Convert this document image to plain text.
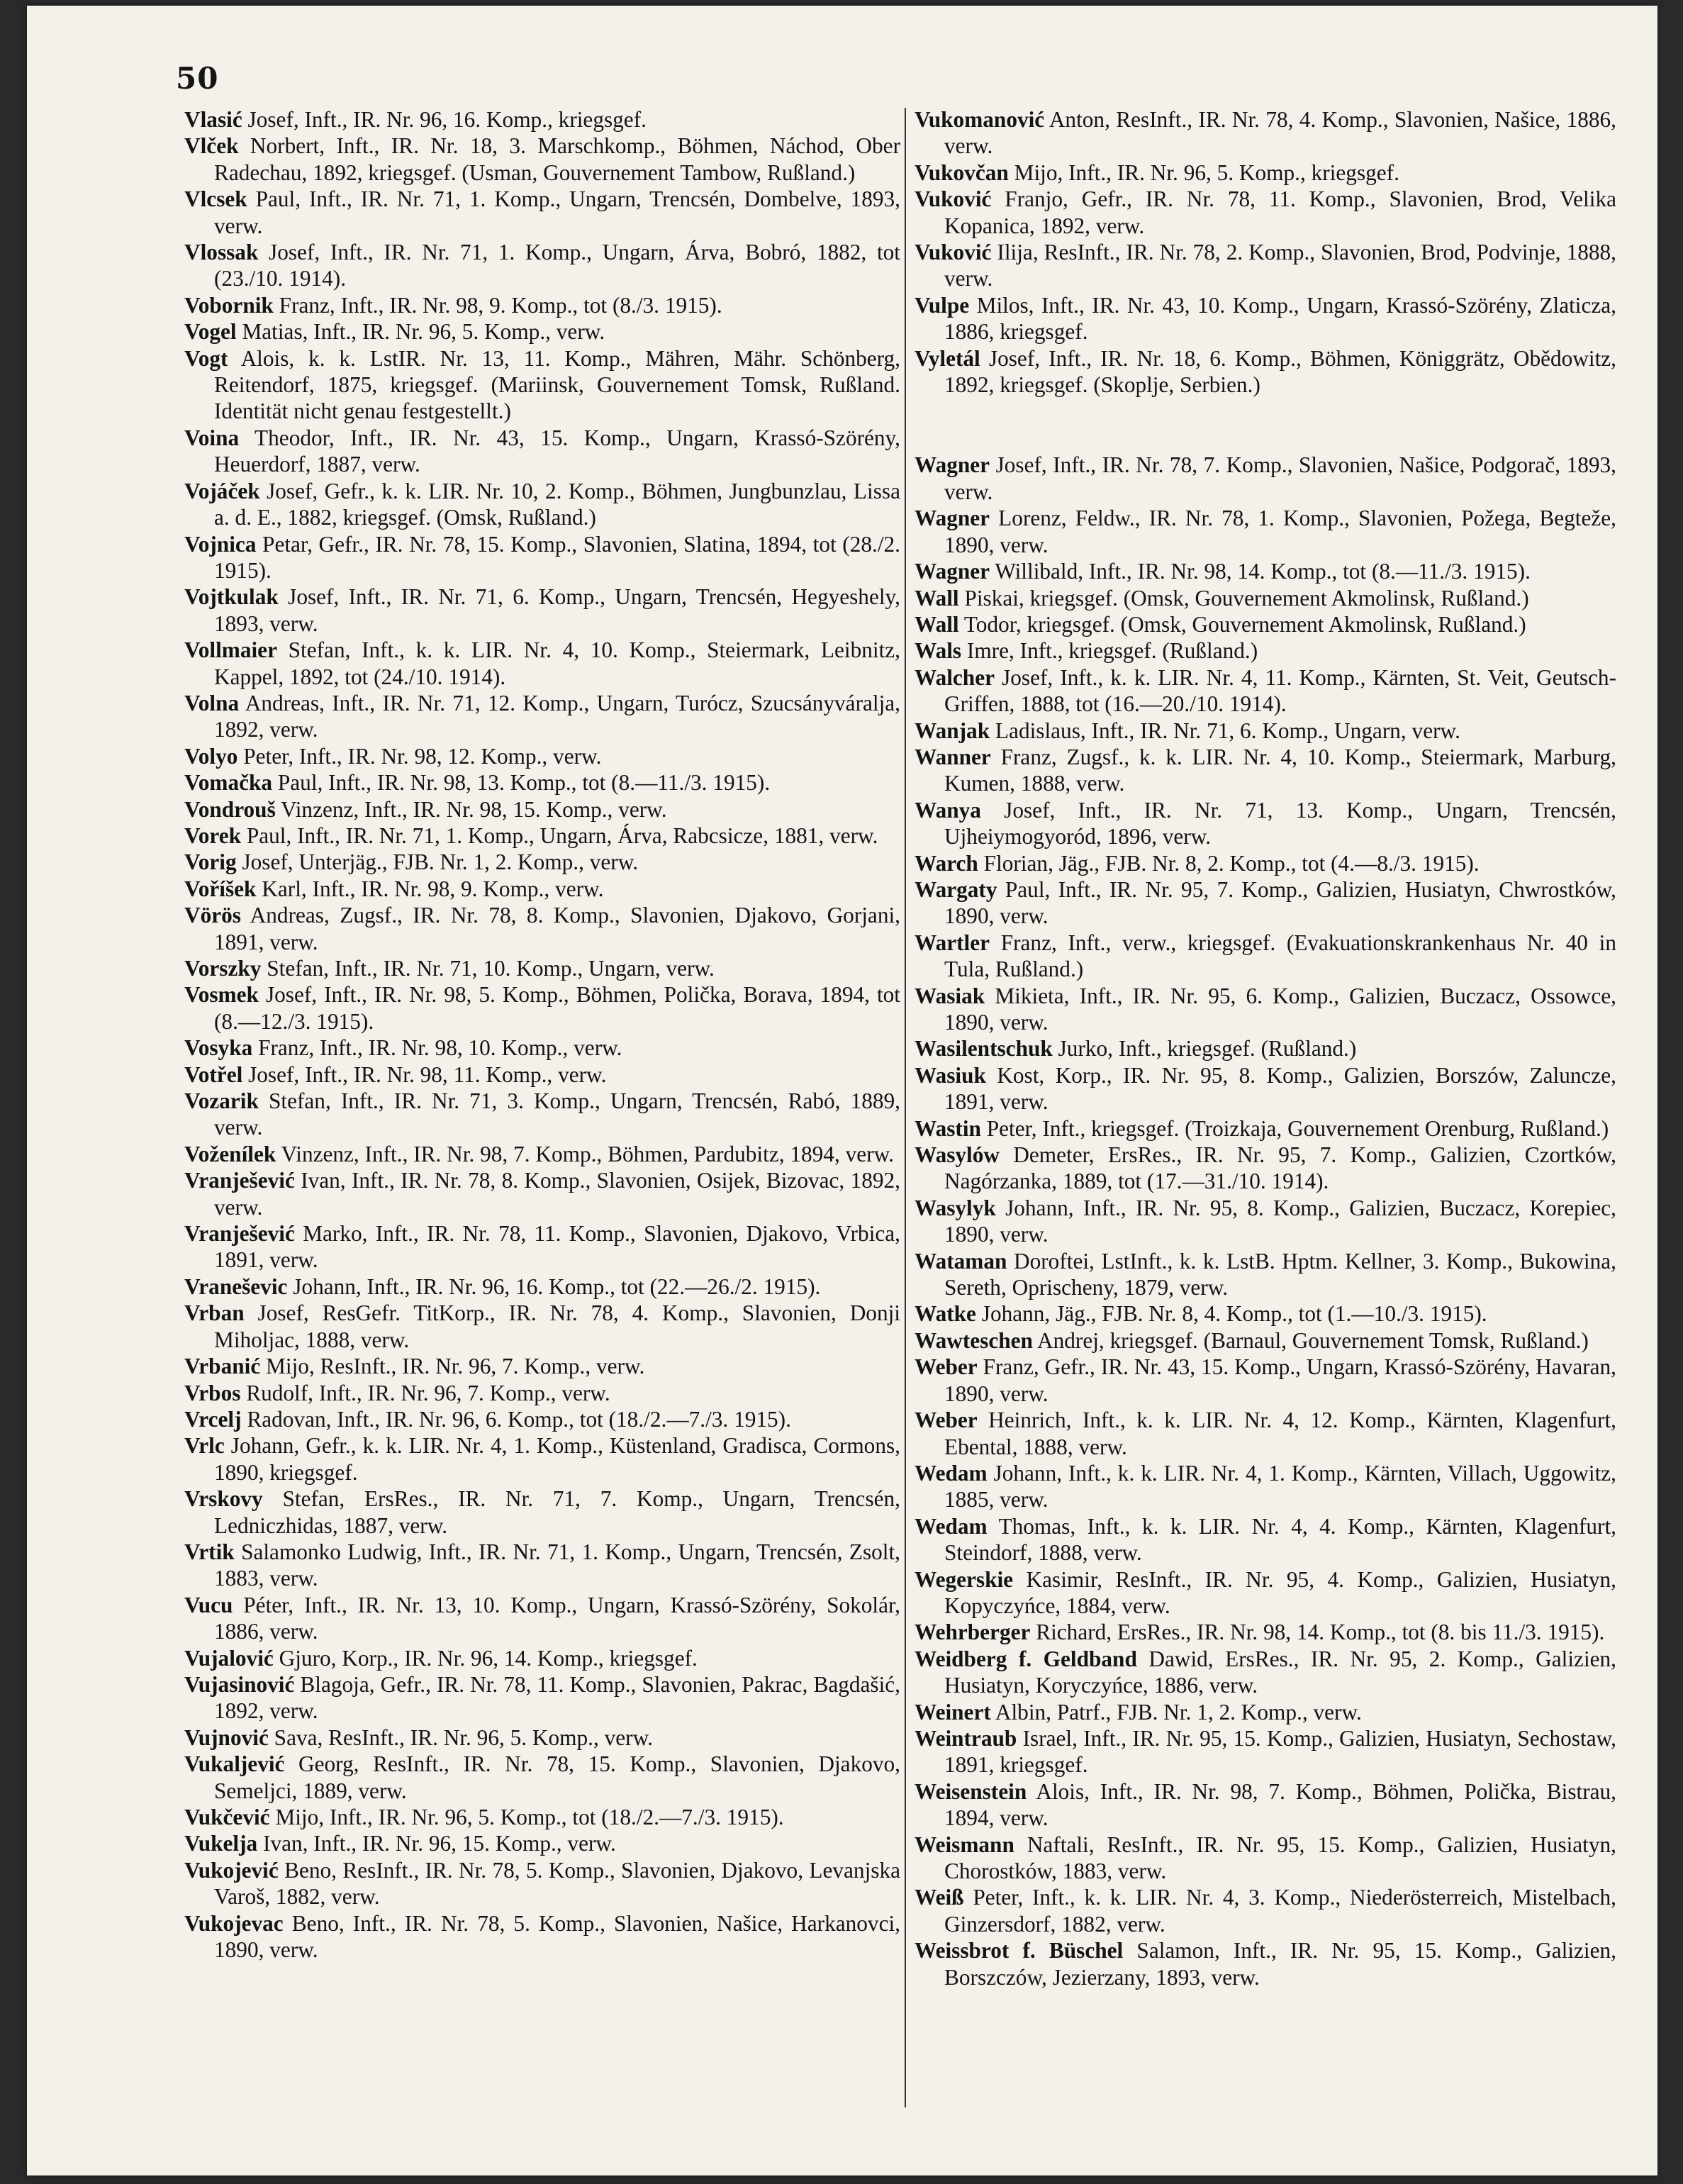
50

Vlasić Josef, Inft., IR. Nr. 96, 16. Komp., kriegsgef.

Vlček Norbert, Inft., IR. Nr. 18, 3. Marschkomp., Böhmen, Náchod, Ober Radechau, 1892, kriegsgef. (Usman, Gouvernement Tambow, Rußland.)

Vlcsek Paul, Inft., IR. Nr. 71, 1. Komp., Ungarn, Trencsén, Dombelve, 1893, verw.

Vlossak Josef, Inft., IR. Nr. 71, 1. Komp., Ungarn, Árva, Bobró, 1882, tot (23./10. 1914).

Vobornik Franz, Inft., IR. Nr. 98, 9. Komp., tot (8./3. 1915).

Vogel Matias, Inft., IR. Nr. 96, 5. Komp., verw.

Vogt Alois, k. k. LstIR. Nr. 13, 11. Komp., Mähren, Mähr. Schönberg, Reitendorf, 1875, kriegsgef. (Mariinsk, Gouvernement Tomsk, Rußland. Identität nicht genau festgestellt.)

Voina Theodor, Inft., IR. Nr. 43, 15. Komp., Ungarn, Krassó-Szörény, Heuerdorf, 1887, verw.

Vojáček Josef, Gefr., k. k. LIR. Nr. 10, 2. Komp., Böhmen, Jungbunzlau, Lissa a. d. E., 1882, kriegsgef. (Omsk, Rußland.)

Vojnica Petar, Gefr., IR. Nr. 78, 15. Komp., Slavonien, Slatina, 1894, tot (28./2. 1915).

Vojtkulak Josef, Inft., IR. Nr. 71, 6. Komp., Ungarn, Trencsén, Hegyeshely, 1893, verw.

Vollmaier Stefan, Inft., k. k. LIR. Nr. 4, 10. Komp., Steiermark, Leibnitz, Kappel, 1892, tot (24./10. 1914).

Volna Andreas, Inft., IR. Nr. 71, 12. Komp., Ungarn, Turócz, Szucsányváralja, 1892, verw.

Volyo Peter, Inft., IR. Nr. 98, 12. Komp., verw.

Vomačka Paul, Inft., IR. Nr. 98, 13. Komp., tot (8.—11./3. 1915).

Vondrouš Vinzenz, Inft., IR. Nr. 98, 15. Komp., verw.

Vorek Paul, Inft., IR. Nr. 71, 1. Komp., Ungarn, Árva, Rabcsicze, 1881, verw.

Vorig Josef, Unterjäg., FJB. Nr. 1, 2. Komp., verw.

Voříšek Karl, Inft., IR. Nr. 98, 9. Komp., verw.

Vörös Andreas, Zugsf., IR. Nr. 78, 8. Komp., Slavonien, Djakovo, Gorjani, 1891, verw.

Vorszky Stefan, Inft., IR. Nr. 71, 10. Komp., Ungarn, verw.

Vosmek Josef, Inft., IR. Nr. 98, 5. Komp., Böhmen, Polička, Borava, 1894, tot (8.—12./3. 1915).

Vosyka Franz, Inft., IR. Nr. 98, 10. Komp., verw.

Votřel Josef, Inft., IR. Nr. 98, 11. Komp., verw.

Vozarik Stefan, Inft., IR. Nr. 71, 3. Komp., Ungarn, Trencsén, Rabó, 1889, verw.

Voženílek Vinzenz, Inft., IR. Nr. 98, 7. Komp., Böhmen, Pardubitz, 1894, verw.

Vranješević Ivan, Inft., IR. Nr. 78, 8. Komp., Slavonien, Osijek, Bizovac, 1892, verw.

Vranješević Marko, Inft., IR. Nr. 78, 11. Komp., Slavonien, Djakovo, Vrbica, 1891, verw.

Vraneševic Johann, Inft., IR. Nr. 96, 16. Komp., tot (22.—26./2. 1915).

Vrban Josef, ResGefr. TitKorp., IR. Nr. 78, 4. Komp., Slavonien, Donji Miholjac, 1888, verw.

Vrbanić Mijo, ResInft., IR. Nr. 96, 7. Komp., verw.

Vrbos Rudolf, Inft., IR. Nr. 96, 7. Komp., verw.

Vrcelj Radovan, Inft., IR. Nr. 96, 6. Komp., tot (18./2.—7./3. 1915).

Vrlc Johann, Gefr., k. k. LIR. Nr. 4, 1. Komp., Küstenland, Gradisca, Cormons, 1890, kriegsgef.

Vrskovy Stefan, ErsRes., IR. Nr. 71, 7. Komp., Ungarn, Trencsén, Ledniczhidas, 1887, verw.

Vrtik Salamonko Ludwig, Inft., IR. Nr. 71, 1. Komp., Ungarn, Trencsén, Zsolt, 1883, verw.

Vucu Péter, Inft., IR. Nr. 13, 10. Komp., Ungarn, Krassó-Szörény, Sokolár, 1886, verw.

Vujalović Gjuro, Korp., IR. Nr. 96, 14. Komp., kriegsgef.

Vujasinović Blagoja, Gefr., IR. Nr. 78, 11. Komp., Slavonien, Pakrac, Bagdašić, 1892, verw.

Vujnović Sava, ResInft., IR. Nr. 96, 5. Komp., verw.

Vukaljević Georg, ResInft., IR. Nr. 78, 15. Komp., Slavonien, Djakovo, Semeljci, 1889, verw.

Vukčević Mijo, Inft., IR. Nr. 96, 5. Komp., tot (18./2.—7./3. 1915).

Vukelja Ivan, Inft., IR. Nr. 96, 15. Komp., verw.

Vukojević Beno, ResInft., IR. Nr. 78, 5. Komp., Slavonien, Djakovo, Levanjska Varoš, 1882, verw.

Vukojevac Beno, Inft., IR. Nr. 78, 5. Komp., Slavonien, Našice, Harkanovci, 1890, verw.

Vukomanović Anton, ResInft., IR. Nr. 78, 4. Komp., Slavonien, Našice, 1886, verw.

Vukovčan Mijo, Inft., IR. Nr. 96, 5. Komp., kriegsgef.

Vuković Franjo, Gefr., IR. Nr. 78, 11. Komp., Slavonien, Brod, Velika Kopanica, 1892, verw.

Vuković Ilija, ResInft., IR. Nr. 78, 2. Komp., Slavonien, Brod, Podvinje, 1888, verw.

Vulpe Milos, Inft., IR. Nr. 43, 10. Komp., Ungarn, Krassó-Szörény, Zlaticza, 1886, kriegsgef.

Vyletál Josef, Inft., IR. Nr. 18, 6. Komp., Böhmen, Königgrätz, Obědowitz, 1892, kriegsgef. (Skoplje, Serbien.)

Wagner Josef, Inft., IR. Nr. 78, 7. Komp., Slavonien, Našice, Podgorač, 1893, verw.

Wagner Lorenz, Feldw., IR. Nr. 78, 1. Komp., Slavonien, Požega, Begteže, 1890, verw.

Wagner Willibald, Inft., IR. Nr. 98, 14. Komp., tot (8.—11./3. 1915).

Wall Piskai, kriegsgef. (Omsk, Gouvernement Akmolinsk, Rußland.)

Wall Todor, kriegsgef. (Omsk, Gouvernement Akmolinsk, Rußland.)

Wals Imre, Inft., kriegsgef. (Rußland.)

Walcher Josef, Inft., k. k. LIR. Nr. 4, 11. Komp., Kärnten, St. Veit, Geutsch-Griffen, 1888, tot (16.—20./10. 1914).

Wanjak Ladislaus, Inft., IR. Nr. 71, 6. Komp., Ungarn, verw.

Wanner Franz, Zugsf., k. k. LIR. Nr. 4, 10. Komp., Steiermark, Marburg, Kumen, 1888, verw.

Wanya Josef, Inft., IR. Nr. 71, 13. Komp., Ungarn, Trencsén, Ujheiymogyoród, 1896, verw.

Warch Florian, Jäg., FJB. Nr. 8, 2. Komp., tot (4.—8./3. 1915).

Wargaty Paul, Inft., IR. Nr. 95, 7. Komp., Galizien, Husiatyn, Chwrostków, 1890, verw.

Wartler Franz, Inft., verw., kriegsgef. (Evakuationskrankenhaus Nr. 40 in Tula, Rußland.)

Wasiak Mikieta, Inft., IR. Nr. 95, 6. Komp., Galizien, Buczacz, Ossowce, 1890, verw.

Wasilentschuk Jurko, Inft., kriegsgef. (Rußland.)

Wasiuk Kost, Korp., IR. Nr. 95, 8. Komp., Galizien, Borszów, Zaluncze, 1891, verw.

Wastin Peter, Inft., kriegsgef. (Troizkaja, Gouvernement Orenburg, Rußland.)

Wasylów Demeter, ErsRes., IR. Nr. 95, 7. Komp., Galizien, Czortków, Nagórzanka, 1889, tot (17.—31./10. 1914).

Wasylyk Johann, Inft., IR. Nr. 95, 8. Komp., Galizien, Buczacz, Korepiec, 1890, verw.

Wataman Doroftei, LstInft., k. k. LstB. Hptm. Kellner, 3. Komp., Bukowina, Sereth, Oprischeny, 1879, verw.

Watke Johann, Jäg., FJB. Nr. 8, 4. Komp., tot (1.—10./3. 1915).

Wawteschen Andrej, kriegsgef. (Barnaul, Gouvernement Tomsk, Rußland.)

Weber Franz, Gefr., IR. Nr. 43, 15. Komp., Ungarn, Krassó-Szörény, Havaran, 1890, verw.

Weber Heinrich, Inft., k. k. LIR. Nr. 4, 12. Komp., Kärnten, Klagenfurt, Ebental, 1888, verw.

Wedam Johann, Inft., k. k. LIR. Nr. 4, 1. Komp., Kärnten, Villach, Uggowitz, 1885, verw.

Wedam Thomas, Inft., k. k. LIR. Nr. 4, 4. Komp., Kärnten, Klagenfurt, Steindorf, 1888, verw.

Wegerskie Kasimir, ResInft., IR. Nr. 95, 4. Komp., Galizien, Husiatyn, Kopyczyńce, 1884, verw.

Wehrberger Richard, ErsRes., IR. Nr. 98, 14. Komp., tot (8. bis 11./3. 1915).

Weidberg f. Geldband Dawid, ErsRes., IR. Nr. 95, 2. Komp., Galizien, Husiatyn, Koryczyńce, 1886, verw.

Weinert Albin, Patrf., FJB. Nr. 1, 2. Komp., verw.

Weintraub Israel, Inft., IR. Nr. 95, 15. Komp., Galizien, Husiatyn, Sechostaw, 1891, kriegsgef.

Weisenstein Alois, Inft., IR. Nr. 98, 7. Komp., Böhmen, Polička, Bistrau, 1894, verw.

Weismann Naftali, ResInft., IR. Nr. 95, 15. Komp., Galizien, Husiatyn, Chorostków, 1883, verw.

Weiß Peter, Inft., k. k. LIR. Nr. 4, 3. Komp., Niederösterreich, Mistelbach, Ginzersdorf, 1882, verw.

Weissbrot f. Büschel Salamon, Inft., IR. Nr. 95, 15. Komp., Galizien, Borszczów, Jezierzany, 1893, verw.
